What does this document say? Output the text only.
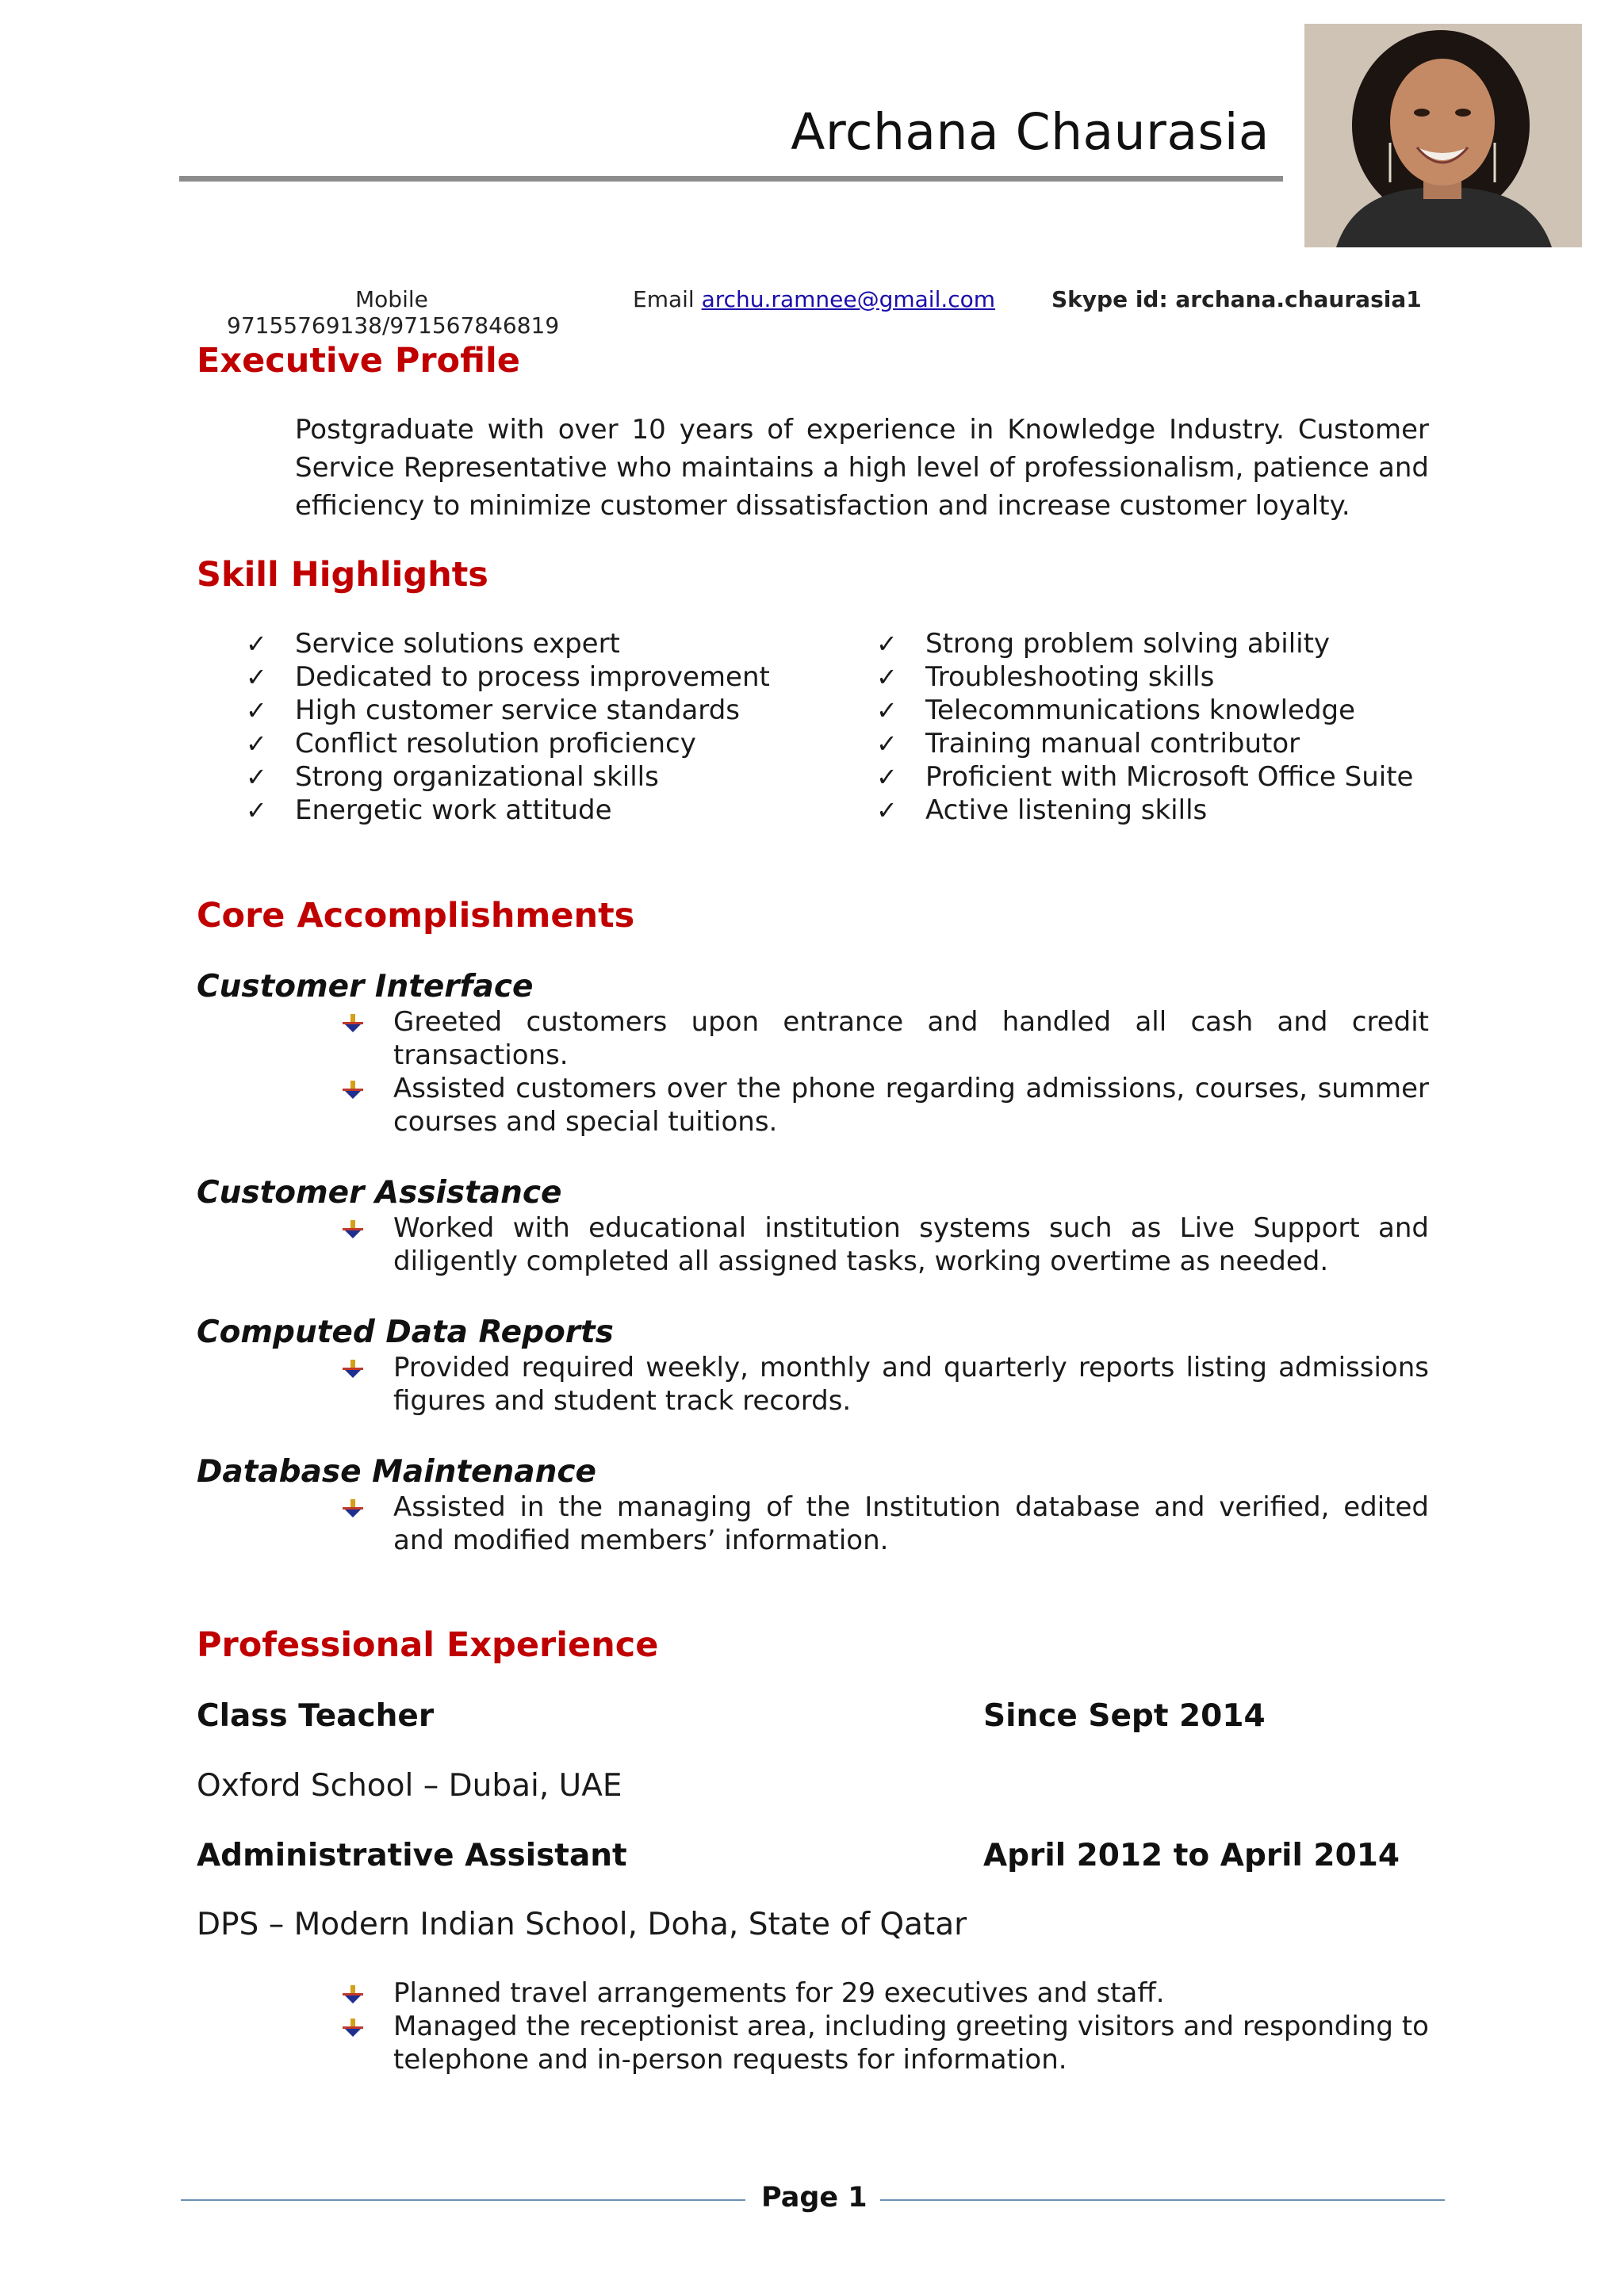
Archana Chaurasia
Mobile
97155769138/971567846819
Email archu.ramnee@gmail.com	Skype id: archana.chaurasia1
Executive Profile
Postgraduate with over 10 years of experience in Knowledge Industry. Customer Service Representative who maintains a high level of professionalism, patience and efficiency to minimize customer dissatisfaction and increase customer loyalty.
Skill Highlights
✓ Service solutions expert
✓ Dedicated to process improvement
✓ High customer service standards
✓ Conflict resolution proficiency
✓ Strong organizational skills
✓ Energetic work attitude
✓ Strong problem solving ability
✓ Troubleshooting skills
✓ Telecommunications knowledge
✓ Training manual contributor
✓ Proficient with Microsoft Office Suite
✓ Active listening skills
Core Accomplishments
Customer Interface
Greeted customers upon entrance and handled all cash and credit transactions.
Assisted customers over the phone regarding admissions, courses, summer courses and special tuitions.
Customer Assistance
Worked with educational institution systems such as Live Support and diligently completed all assigned tasks, working overtime as needed.
Computed Data Reports
Provided required weekly, monthly and quarterly reports listing admissions figures and student track records.
Database Maintenance
Assisted in the managing of the Institution database and verified, edited and modified members’ information.
Professional Experience
Class Teacher	Since Sept 2014
Oxford School – Dubai, UAE
Administrative Assistant	April 2012 to April 2014
DPS – Modern Indian School, Doha, State of Qatar
Planned travel arrangements for 29 executives and staff.
Managed the receptionist area, including greeting visitors and responding to telephone and in-person requests for information.
Page 1
